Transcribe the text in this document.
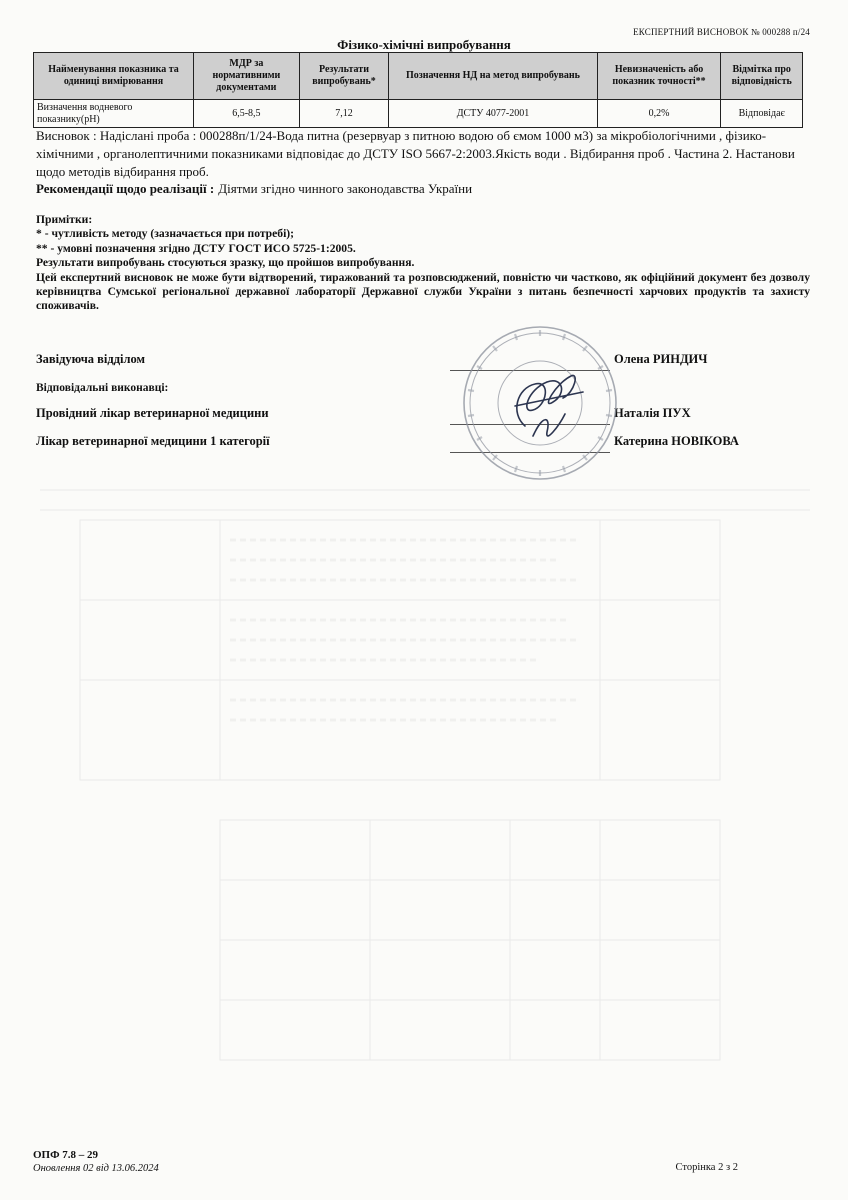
ЕКСПЕРТНИЙ ВИСНОВОК № 000288 п/24
Фізико-хімічні випробування
Найменування показника та одиниці вимірювання	МДР за нормативними документами	Результати випробувань*	Позначення НД на метод випробувань	Невизначеність або показник точності**	Відмітка про відповідність
Визначення водневого показнику(рН)	6,5-8,5	7,12	ДСТУ 4077-2001	0,2%	Відповідає
Висновок : Надіслані проба : 000288п/1/24-Вода питна (резервуар з питною водою об ємом 1000 м3) за мікробіологічними , фізико- хімічними , органолептичними показниками відповідає до ДСТУ ISO 5667-2:2003.Якість води . Відбирання проб . Частина 2. Настанови щодо методів відбирання проб.
Рекомендації щодо реалізації : Діятми згідно чинного законодавства України

Примітки:

* - чутливість методу (зазначається при потребі);

** - умовні позначення згідно ДСТУ ГОСТ ИСО 5725-1:2005.

Результати випробувань стосуються зразку, що пройшов випробування.

Цей експертний висновок не може бути відтворений, тиражований та розповсюджений, повністю чи частково, як офіційний документ без дозволу керівництва Сумської регіональної державної лабораторії Державної служби України з питань безпечності харчових продуктів та захисту споживачів.

Завідуюча відділом	Олена РИНДИЧ
Відповідальні виконавці:
Провідний лікар ветеринарної медицини	Наталія ПУХ
Лікар ветеринарної медицини 1 категорії	Катерина НОВІКОВА
ОПФ 7.8 – 29
Оновлення 02 від 13.06.2024	Сторінка 2 з 2
